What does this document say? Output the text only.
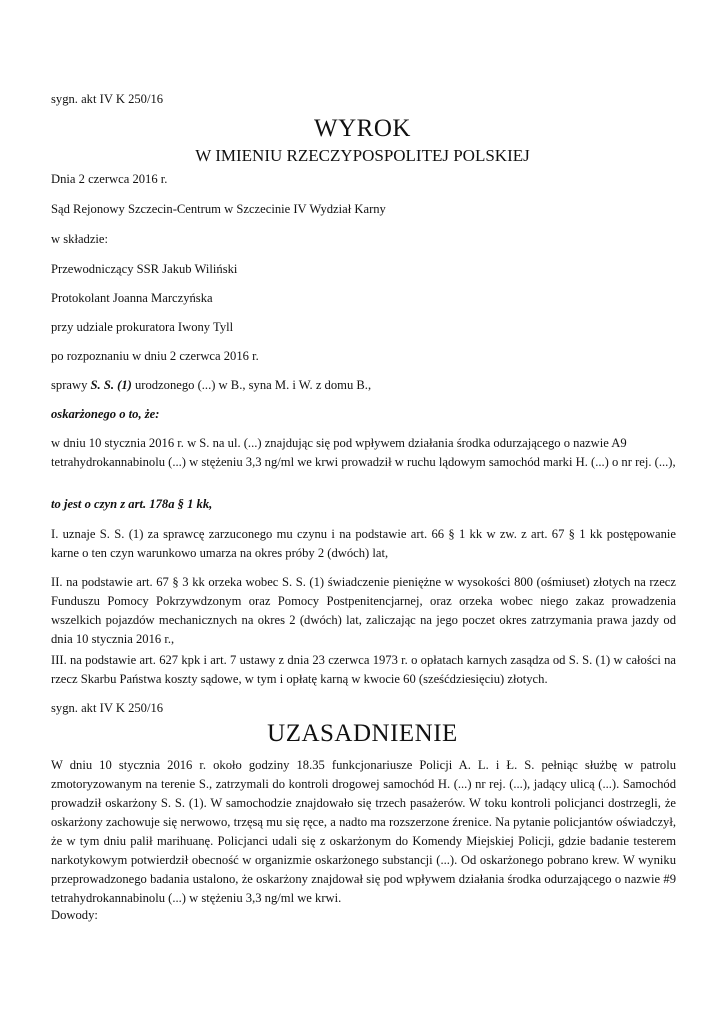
sygn. akt IV K 250/16

WYROK
W IMIENIU RZECZYPOSPOLITEJ POLSKIEJ

Dnia 2 czerwca 2016 r.

Sąd Rejonowy Szczecin-Centrum w Szczecinie IV Wydział Karny

w składzie:

Przewodniczący SSR Jakub Wiliński

Protokolant Joanna Marczyńska

przy udziale prokuratora Iwony Tyll

po rozpoznaniu w dniu 2 czerwca 2016 r.

sprawy S. S. (1) urodzonego (...) w B., syna M. i W. z domu B.,

oskarżonego o to, że:

w dniu 10 stycznia 2016 r. w S. na ul. (...) znajdując się pod wpływem działania środka odurzającego o nazwie A9 tetrahydrokannabinolu (...) w stężeniu 3,3 ng/ml we krwi prowadził w ruchu lądowym samochód marki H. (...) o nr rej. (...),

to jest o czyn z art. 178a § 1 kk,

I. uznaje S. S. (1) za sprawcę zarzuconego mu czynu i na podstawie art. 66 § 1 kk w zw. z art. 67 § 1 kk postępowanie karne o ten czyn warunkowo umarza na okres próby 2 (dwóch) lat,

II. na podstawie art. 67 § 3 kk orzeka wobec S. S. (1) świadczenie pieniężne w wysokości 800 (ośmiuset) złotych na rzecz Funduszu Pomocy Pokrzywdzonym oraz Pomocy Postpenitencjarnej, oraz orzeka wobec niego zakaz prowadzenia wszelkich pojazdów mechanicznych na okres 2 (dwóch) lat, zaliczając na jego poczet okres zatrzymania prawa jazdy od dnia 10 stycznia 2016 r.,

III. na podstawie art. 627 kpk i art. 7 ustawy z dnia 23 czerwca 1973 r. o opłatach karnych zasądza od S. S. (1) w całości na rzecz Skarbu Państwa koszty sądowe, w tym i opłatę karną w kwocie 60 (sześćdziesięciu) złotych.

sygn. akt IV K 250/16

UZASADNIENIE

W dniu 10 stycznia 2016 r. około godziny 18.35 funkcjonariusze Policji A. L. i Ł. S. pełniąc służbę w patrolu zmotoryzowanym na terenie S., zatrzymali do kontroli drogowej samochód H. (...) nr rej. (...), jadący ulicą (...). Samochód prowadził oskarżony S. S. (1). W samochodzie znajdowało się trzech pasażerów. W toku kontroli policjanci dostrzegli, że oskarżony zachowuje się nerwowo, trzęsą mu się ręce, a nadto ma rozszerzone źrenice. Na pytanie policjantów oświadczył, że w tym dniu palił marihuanę. Policjanci udali się z oskarżonym do Komendy Miejskiej Policji, gdzie badanie testerem narkotykowym potwierdził obecność w organizmie oskarżonego substancji (...). Od oskarżonego pobrano krew. W wyniku przeprowadzonego badania ustalono, że oskarżony znajdował się pod wpływem działania środka odurzającego o nazwie #9 tetrahydrokannabinolu (...) w stężeniu 3,3 ng/ml we krwi.

Dowody:
